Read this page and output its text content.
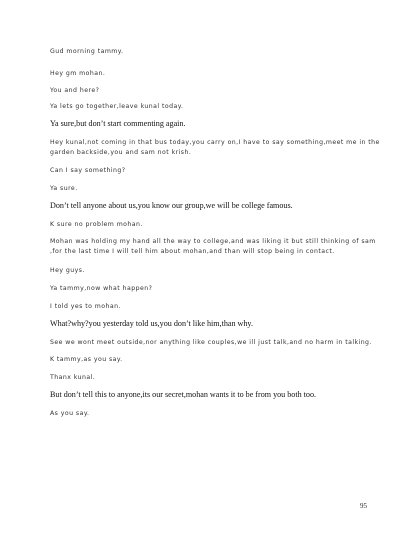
Gud morning tammy.

Hey gm mohan.

You and here?

Ya lets go together,leave kunal today.

Ya sure,but don’t start commenting again.

Hey kunal,not coming in that bus today,you carry on,I have to say something,meet me in the garden backside,you and sam not krish.

Can I say something?

Ya sure.

Don’t tell anyone about us,you know our group,we will be college famous.

K sure no problem mohan.

Mohan was holding my hand all the way to college,and was liking it but still thinking of sam ,for the last time I will tell him about mohan,and than will stop being in contact.

Hey guys.

Ya tammy,now what happen?

I told yes to mohan.

What?why?you yesterday told us,you don’t like him,than why.

See we wont meet outside,nor anything like couples,we ill just talk,and no harm in talking.

K tammy,as you say.

Thanx kunal.

But don’t tell this to anyone,its our secret,mohan wants it to be from you both too.

As you say.

95
